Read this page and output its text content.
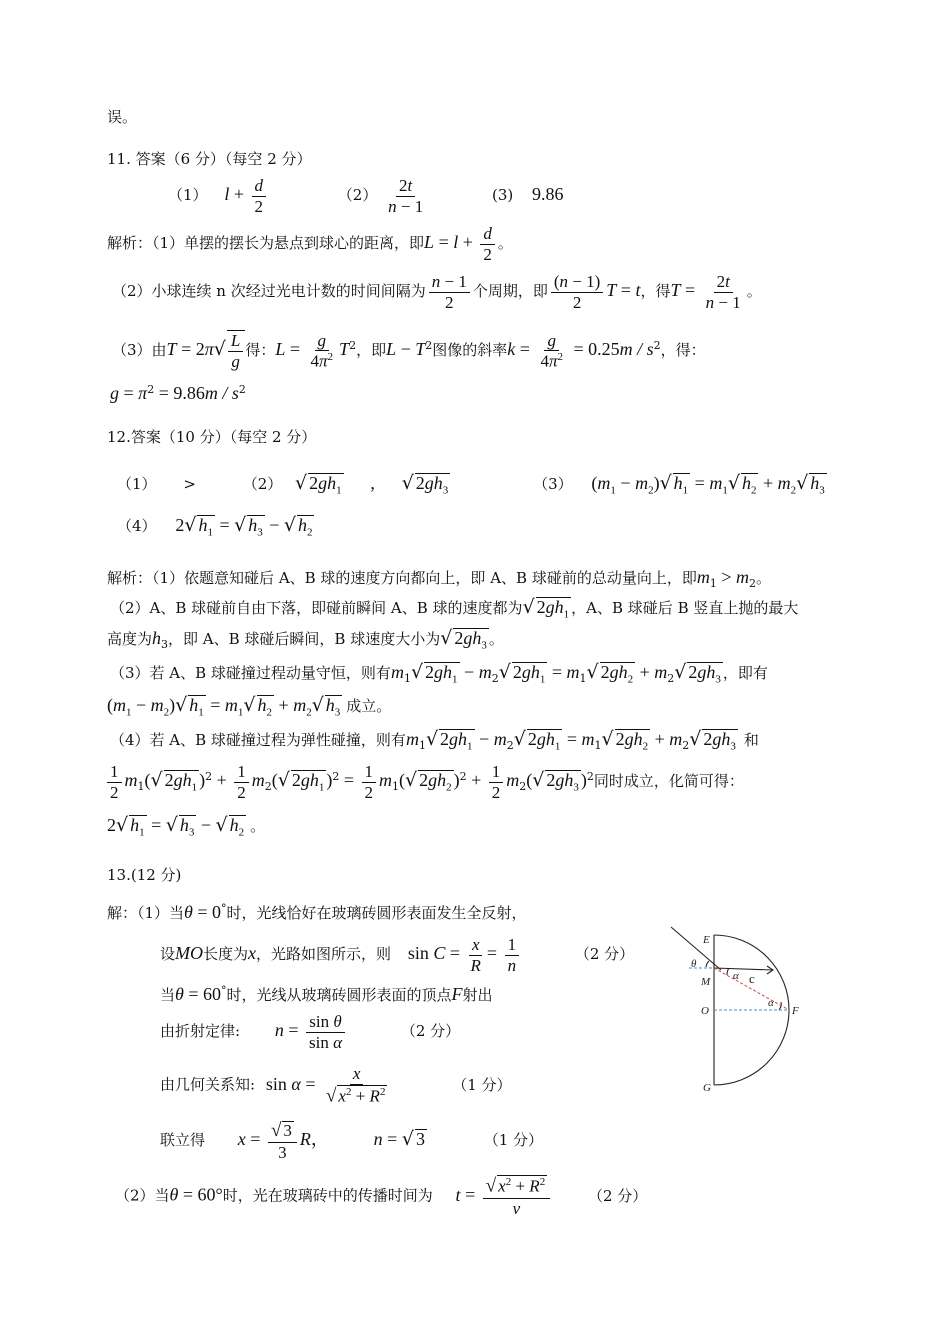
误。
11. 答案（6 分）（每空 2 分）
（1） $l + \frac{d}{2}$	$(2) \frac{2t}{n - 1}$	(3) 9.86
解析：（1）单摆的摆长为悬点到球心的距离，即$L = l + \frac{d}{2}$ 。
（2）小球连续 n 次经过光电计数的时间间隔为 $\frac{n - 1}{2}$ 个周期，即 $\frac{(n - 1)}{2}$ T = t，得$T = \frac{2t}{n - 1}$ 。
（3）由$T = 2\pi√ \frac{L}{g}$ 得：$L = \frac{g}{4\pi^2} T^2$，即$L - T^2$图像的斜率$k = \frac{g}{4\pi^2} = 0.25m / s^2$，得：
$g = \pi^2 = 9.86m / s^2$
12.答案（10 分）（每空 2 分）
（1） >	（2） √ $2gh_1$ , √ $2gh_3$	（3） $(m_1 - m_2)√$ $h_1 = m_1√$ $h_2 + m_2√$ $h_3$
（4） 2√ $h_1$ = √ $h_3$ − √ $h_2$
解析：（1）依题意知碰后 A、B 球的速度方向都向上，即 A、B 球碰前的总动量向上，即$m_1 > m_2$。
（2）A、B 球碰前自由下落，即碰前瞬间 A、B 球的速度都为√ $2gh_1$ ，A、B 球碰后 B 竖直上抛的最大
高度为$h_3$，即 A、B 球碰后瞬间，B 球速度大小为√ $2gh_3$ 。
（3）若 A、B 球碰撞过程动量守恒，则有$m_1√$ $2gh_1 - m_2√$ $2gh_1 = m_1√$ $2gh_2 + m_2√$ $2gh_3$ ，即有
$(m_1 - m_2)√$ $h_1 = m_1√$ $h_2 + m_2√$ $h_3$ 成立。
（4）若 A、B 球碰撞过程为弹性碰撞，则有$m_1√$ $2gh_1 - m_2√$ $2gh_1 = m_1√$ $2gh_2 + m_2√$ $2gh_3$ 和
$\frac{1}{2} m_1(√$ $2gh_1$ )$^2 + \frac{1}{2} m_2(√$ $2gh_1$ )$^2 = \frac{1}{2} m_1(√$ $2gh_2$ )$^2 + \frac{1}{2} m_2(√$ $2gh_3$ )$^2$同时成立，化简可得：
2√ $h_1$ = √ $h_3$ − √ $h_2$ 。
13.(12 分)
解：（1）当θ = 0°时，光线恰好在玻璃砖圆形表面发生全反射，
设MO长度为x，光路如图所示，则 $\sin C = \frac{x}{R} = \frac{1}{n}$	（2 分）
当θ = 60°时，光线从玻璃砖圆形表面的顶点F射出
由折射定律: $n = \frac{\text{sin θ}}{\text{sin α}}$	（2 分）
由几何关系知: $\sin \alpha = \frac{x}{√ x^2 + R^2}$	（1 分）
联立得 $x = \frac{√ 3}{3}$ R， n = √ 3	（1 分）
（2）当θ = 60°时，光在玻璃砖中的传播时间为 $t = \frac{√ x^2 + R^2}{v}$	（2 分）
E
M
O	F
G
θ
α
α
c
